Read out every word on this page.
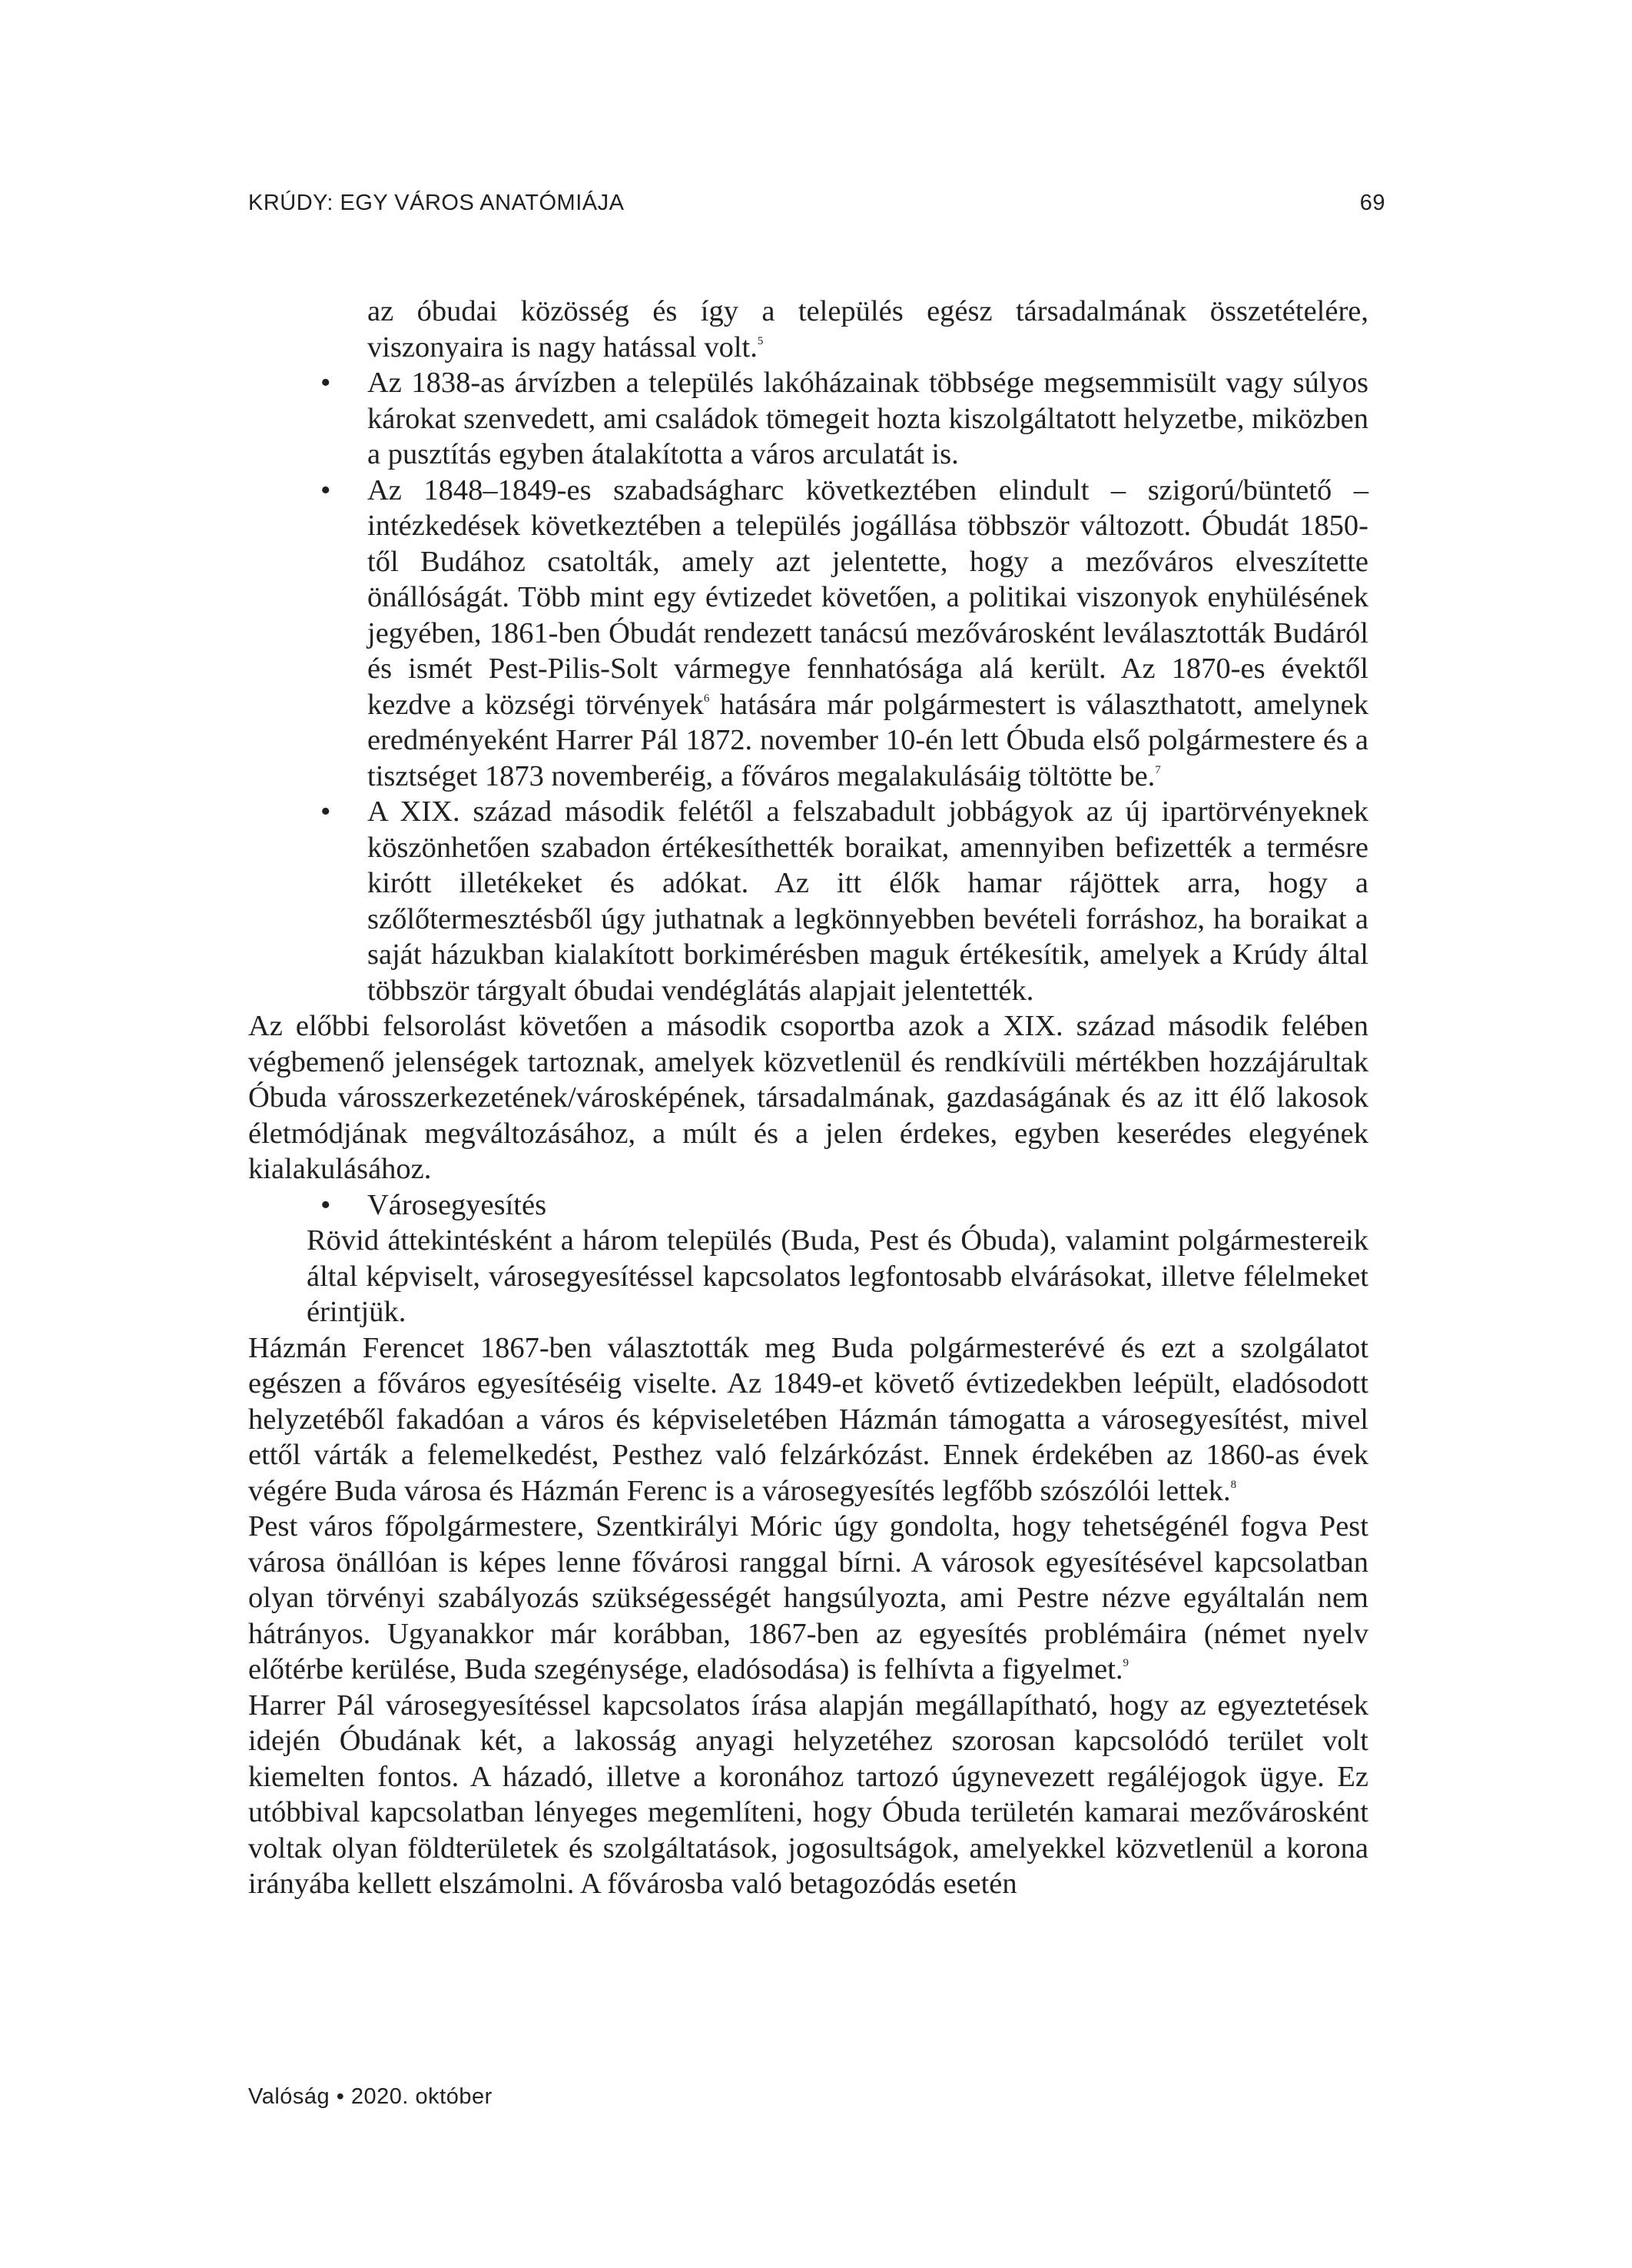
KRÚDY: EGY VÁROS ANATÓMIÁJA	69

az óbudai közösség és így a település egész társadalmának összetételére, viszonyaira is nagy hatással volt.$^5$

• Az 1838-as árvízben a település lakóházainak többsége megsemmisült vagy súlyos károkat szenvedett, ami családok tömegeit hozta kiszolgáltatott helyzetbe, miközben a pusztítás egyben átalakította a város arculatát is.

• Az 1848–1849-es szabadságharc következtében elindult – szigorú/büntető – intézkedések következtében a település jogállása többször változott. Óbudát 1850-től Budához csatolták, amely azt jelentette, hogy a mezőváros elveszítette önállóságát. Több mint egy évtizedet követően, a politikai viszonyok enyhülésének jegyében, 1861-ben Óbudát rendezett tanácsú mezővárosként leválasztották Budáról és ismét Pest-Pilis-Solt vármegye fennhatósága alá került. Az 1870-es évektől kezdve a községi törvények$^6$ hatására már polgármestert is választhatott, amelynek eredményeként Harrer Pál 1872. november 10-én lett Óbuda első polgármestere és a tisztséget 1873 novemberéig, a főváros megalakulásáig töltötte be.$^7$

• A XIX. század második felétől a felszabadult jobbágyok az új ipartörvényeknek köszönhetően szabadon értékesíthették boraikat, amennyiben befizették a termésre kirótt illetékeket és adókat. Az itt élők hamar rájöttek arra, hogy a szőlőtermesztésből úgy juthatnak a legkönnyebben bevételi forráshoz, ha boraikat a saját házukban kialakított borkimérésben maguk értékesítik, amelyek a Krúdy által többször tárgyalt óbudai vendéglátás alapjait jelentették.

Az előbbi felsorolást követően a második csoportba azok a XIX. század második felében végbemenő jelenségek tartoznak, amelyek közvetlenül és rendkívüli mértékben hozzájárultak Óbuda városszerkezetének/városképének, társadalmának, gazdaságának és az itt élő lakosok életmódjának megváltozásához, a múlt és a jelen érdekes, egyben keserédes elegyének kialakulásához.

• Városegyesítés

Rövid áttekintésként a három település (Buda, Pest és Óbuda), valamint polgármestereik által képviselt, városegyesítéssel kapcsolatos legfontosabb elvárásokat, illetve félelmeket érintjük.

Házmán Ferencet 1867-ben választották meg Buda polgármesterévé és ezt a szolgálatot egészen a főváros egyesítéséig viselte. Az 1849-et követő évtizedekben leépült, eladósodott helyzetéből fakadóan a város és képviseletében Házmán támogatta a városegyesítést, mivel ettől várták a felemelkedést, Pesthez való felzárkózást. Ennek érdekében az 1860-as évek végére Buda városa és Házmán Ferenc is a városegyesítés legfőbb szószólói lettek.$^8$

Pest város főpolgármestere, Szentkirályi Móric úgy gondolta, hogy tehetségénél fogva Pest városa önállóan is képes lenne fővárosi ranggal bírni. A városok egyesítésével kapcsolatban olyan törvényi szabályozás szükségességét hangsúlyozta, ami Pestre nézve egyáltalán nem hátrányos. Ugyanakkor már korábban, 1867-ben az egyesítés problémáira (német nyelv előtérbe kerülése, Buda szegénysége, eladósodása) is felhívta a figyelmet.$^9$

Harrer Pál városegyesítéssel kapcsolatos írása alapján megállapítható, hogy az egyeztetések idején Óbudának két, a lakosság anyagi helyzetéhez szorosan kapcsolódó terület volt kiemelten fontos. A házadó, illetve a koronához tartozó úgynevezett regáléjogok ügye. Ez utóbbival kapcsolatban lényeges megemlíteni, hogy Óbuda területén kamarai mezővárosként voltak olyan földterületek és szolgáltatások, jogosultságok, amelyekkel közvetlenül a korona irányába kellett elszámolni. A fővárosba való betagozódás esetén

Valóság • 2020. október
